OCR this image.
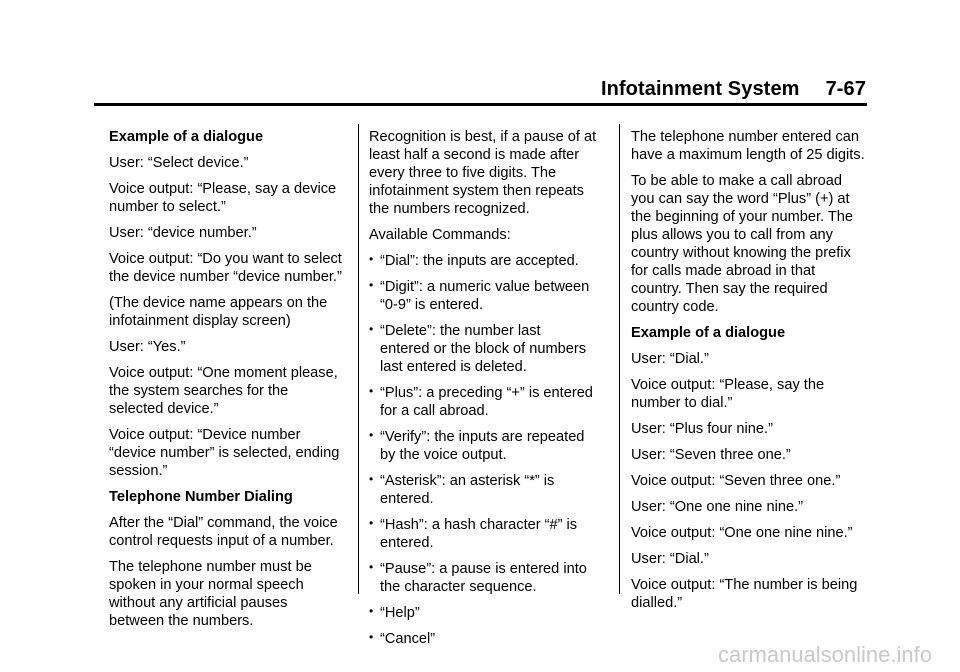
Infotainment System 7-67

Example of a dialogue

User: “Select device.”

Voice output: “Please, say a device
number to select.”

User: “device number.”

Voice output: “Do you want to select
the device number “device number.”

(The device name appears on the
infotainment display screen)

User: “Yes.”

Voice output: “One moment please,
the system searches for the
selected device.”

Voice output: “Device number
“device number” is selected, ending
session.”

Telephone Number Dialing

After the “Dial” command, the voice
control requests input of a number.

The telephone number must be
spoken in your normal speech
without any artificial pauses
between the numbers.

Recognition is best, if a pause of at
least half a second is made after
every three to five digits. The
infotainment system then repeats
the numbers recognized.

Available Commands:

• “Dial”: the inputs are accepted.
• “Digit”: a numeric value between
“0-9” is entered.
• “Delete”: the number last
entered or the block of numbers
last entered is deleted.
• “Plus”: a preceding “+” is entered
for a call abroad.
• “Verify”: the inputs are repeated
by the voice output.
• “Asterisk”: an asterisk “*” is
entered.
• “Hash”: a hash character “#” is
entered.
• “Pause”: a pause is entered into
the character sequence.
• “Help”
• “Cancel”

The telephone number entered can
have a maximum length of 25 digits.

To be able to make a call abroad
you can say the word “Plus” (+) at
the beginning of your number. The
plus allows you to call from any
country without knowing the prefix
for calls made abroad in that
country. Then say the required
country code.

Example of a dialogue

User: “Dial.”

Voice output: “Please, say the
number to dial.”

User: “Plus four nine.”

User: “Seven three one.”

Voice output: “Seven three one.”

User: “One one nine nine.”

Voice output: “One one nine nine.”

User: “Dial.”

Voice output: “The number is being
dialled.”

carmanualsonline.info
